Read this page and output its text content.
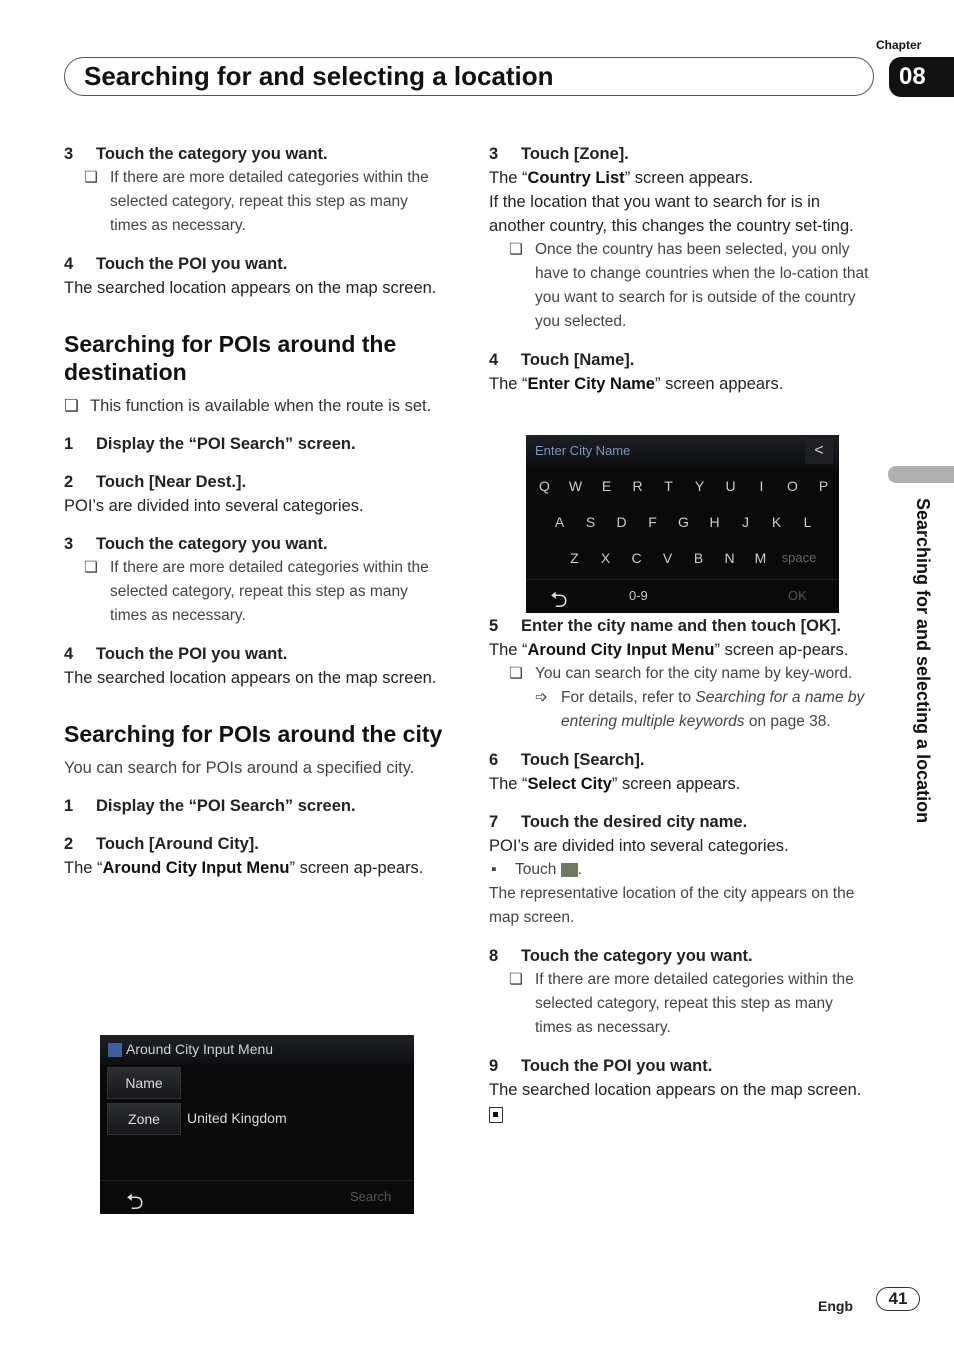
Chapter
08
Searching for and selecting a location
3 Touch the category you want.
❏ If there are more detailed categories within the selected category, repeat this step as many times as necessary.
4 Touch the POI you want.

The searched location appears on the map screen.

Searching for POIs around the destination
❏ This function is available when the route is set.
1 Display the “POI Search” screen.
2 Touch [Near Dest.].

POI’s are divided into several categories.

3 Touch the category you want.
❏ If there are more detailed categories within the selected category, repeat this step as many times as necessary.
4 Touch the POI you want.

The searched location appears on the map screen.

Searching for POIs around the city

You can search for POIs around a specified city.

1 Display the “POI Search” screen.
2 Touch [Around City].

The “Around City Input Menu” screen ap-pears.

Around City Input Menu
Name
Zone	United Kingdom
⮌	Search
3 Touch [Zone].

The “Country List” screen appears.

If the location that you want to search for is in another country, this changes the country set-ting.

❏ Once the country has been selected, you only have to change countries when the lo-cation that you want to search for is outside of the country you selected.
4 Touch [Name].

The “Enter City Name” screen appears.

5 Enter the city name and then touch [OK].

The “Around City Input Menu” screen ap-pears.

❏ You can search for the city name by key-word.
➩ For details, refer to Searching for a name by entering multiple keywords on page 38.
6 Touch [Search].

The “Select City” screen appears.

7 Touch the desired city name.

POI’s are divided into several categories.

▪ Touch .

The representative location of the city appears on the map screen.

8 Touch the category you want.
❏ If there are more detailed categories within the selected category, repeat this step as many times as necessary.
9 Touch the POI you want.

The searched location appears on the map screen.

Enter City Name	<
Q	W	E	R	T	Y	U	I	O	P
A	S	D	F	G	H	J	K	L
Z	X	C	V	B	N	M	space
⮌	0-9	OK	Searching for and selecting a location
Engb	41
